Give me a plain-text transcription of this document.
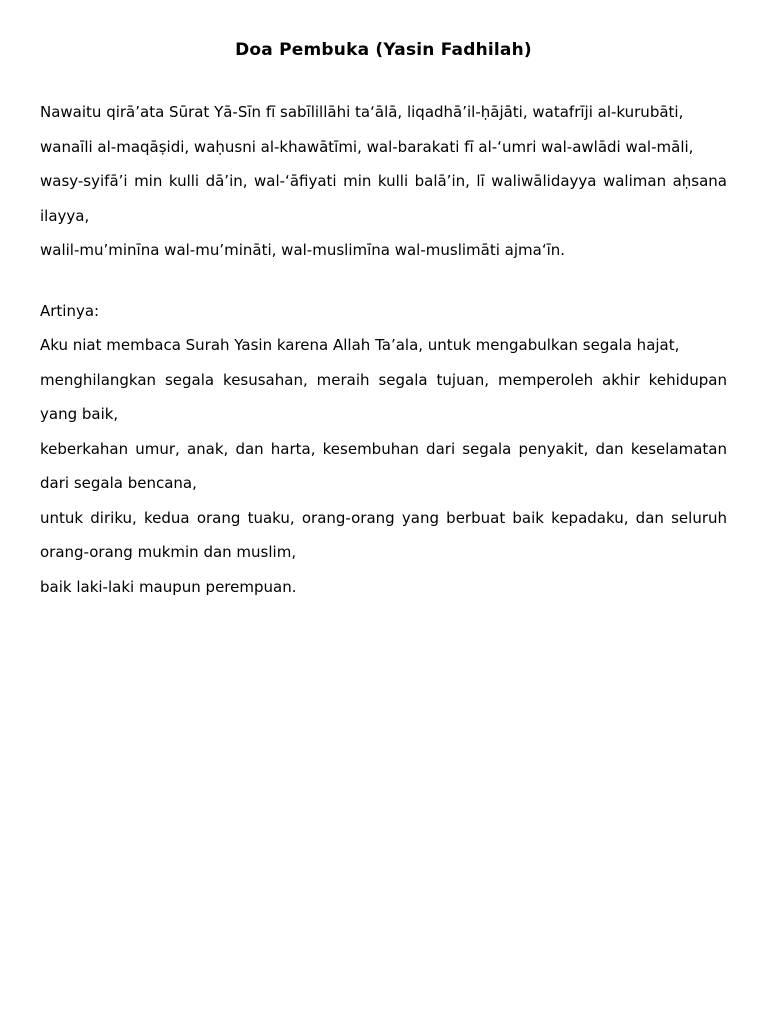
Doa Pembuka (Yasin Fadhilah)

Nawaitu qirā’ata Sūrat Yā-Sīn fī sabīlillāhi ta‘ālā, liqadhā’il-ḥājāti, watafrīji al-kurubāti,

wanaīli al-maqāṣidi, waḥusni al-khawātīmi, wal-barakati fī al-‘umri wal-awlādi wal-māli,

wasy-syifā’i min kulli dā’in, wal-‘āfiyati min kulli balā’in, lī waliwālidayya waliman aḥsana ilayya,

walil-mu’minīna wal-mu’mināti, wal-muslimīna wal-muslimāti ajma‘īn.

Artinya:

Aku niat membaca Surah Yasin karena Allah Ta’ala, untuk mengabulkan segala hajat,

menghilangkan segala kesusahan, meraih segala tujuan, memperoleh akhir kehidupan yang baik,

keberkahan umur, anak, dan harta, kesembuhan dari segala penyakit, dan keselamatan dari segala bencana,

untuk diriku, kedua orang tuaku, orang-orang yang berbuat baik kepadaku, dan seluruh orang-orang mukmin dan muslim,

baik laki-laki maupun perempuan.
